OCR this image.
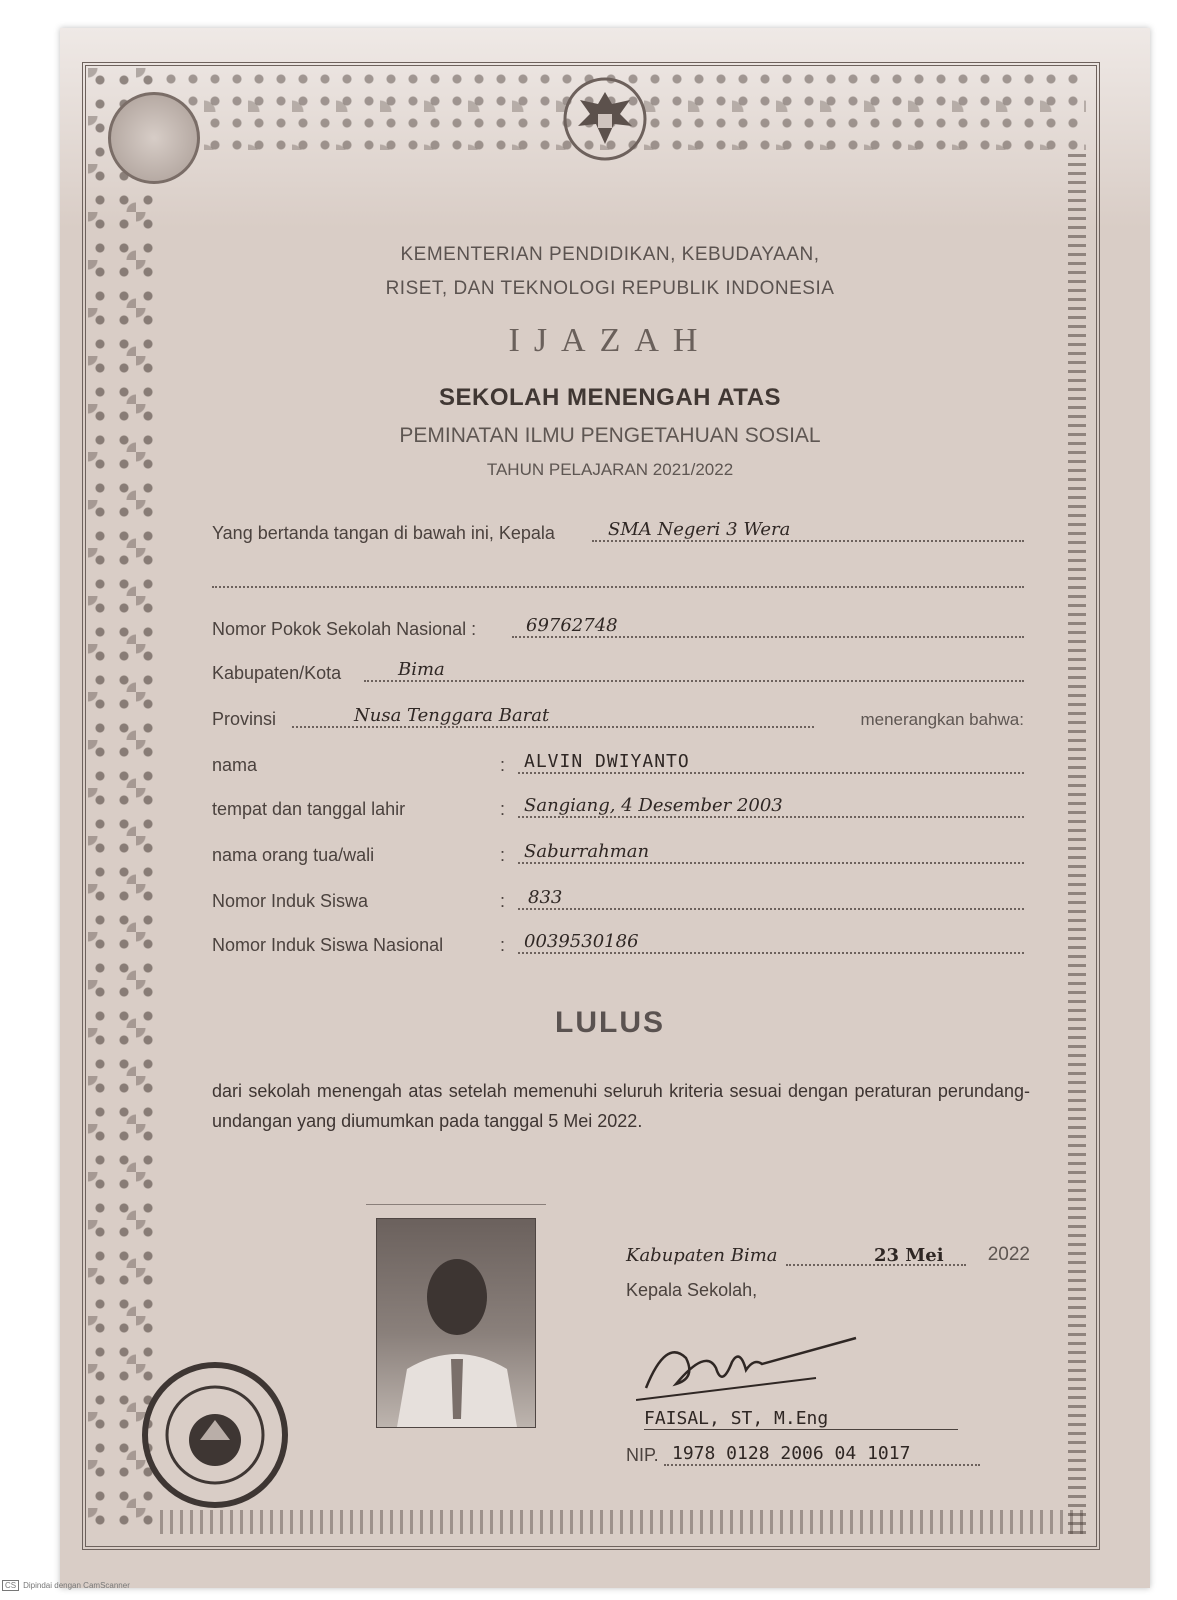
KEMENTERIAN PENDIDIKAN, KEBUDAYAAN,
RISET, DAN TEKNOLOGI REPUBLIK INDONESIA
IJAZAH
SEKOLAH MENENGAH ATAS
PEMINATAN ILMU PENGETAHUAN SOSIAL
TAHUN PELAJARAN 2021/2022
Yang bertanda tangan di bawah ini, Kepala	SMA Negeri 3 Wera
Nomor Pokok Sekolah Nasional :	69762748
Kabupaten/Kota	Bima
Provinsi	Nusa Tenggara Barat	menerangkan bahwa:
nama	: ALVIN DWIYANTO
tempat dan tanggal lahir	: Sangiang, 4 Desember 2003
nama orang tua/wali	: Saburrahman
Nomor Induk Siswa	: 833
Nomor Induk Siswa Nasional	: 0039530186
LULUS
dari sekolah menengah atas setelah memenuhi seluruh kriteria sesuai dengan peraturan perundang-undangan yang diumumkan pada tanggal 5 Mei 2022.
Kabupaten Bima	23 Mei 2022
Kepala Sekolah,
FAISAL, ST, M.Eng
NIP. 1978 0128 2006 04 1017
CS Dipindai dengan CamScanner
